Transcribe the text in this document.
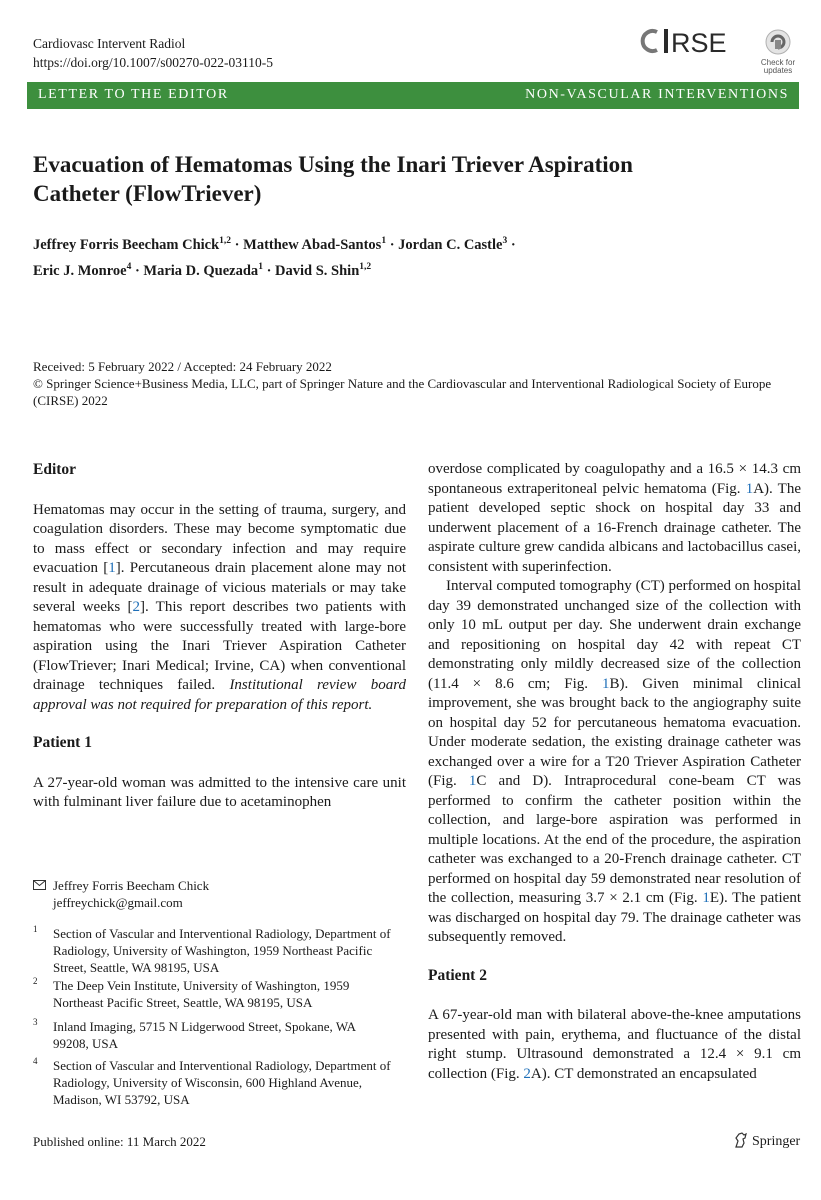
Cardiovasc Intervent Radiol
https://doi.org/10.1007/s00270-022-03110-5
RSE
Check for
updates
LETTER TO THE EDITOR	NON-VASCULAR INTERVENTIONS
Evacuation of Hematomas Using the Inari Triever Aspiration
Catheter (FlowTriever)
Jeffrey Forris Beecham Chick$^{1,2}$ · Matthew Abad-Santos$^1$ · Jordan C. Castle$^3$ ·
Eric J. Monroe$^4$ · Maria D. Quezada$^1$ · David S. Shin$^{1,2}$
Received: 5 February 2022 / Accepted: 24 February 2022
© Springer Science+Business Media, LLC, part of Springer Nature and the Cardiovascular and Interventional Radiological Society of Europe (CIRSE) 2022
Editor

Hematomas may occur in the setting of trauma, surgery, and coagulation disorders. These may become symptomatic due to mass effect or secondary infection and may require evacuation [1]. Percutaneous drain placement alone may not result in adequate drainage of vicious materials or may take several weeks [2]. This report describes two patients with hematomas who were successfully treated with large-bore aspiration using the Inari Triever Aspiration Catheter (FlowTriever; Inari Medical; Irvine, CA) when conventional drainage techniques failed. Institutional review board approval was not required for preparation of this report.

Patient 1

A 27-year-old woman was admitted to the intensive care unit with fulminant liver failure due to acetaminophen

Jeffrey Forris Beecham Chick
jeffreychick@gmail.com
1 Section of Vascular and Interventional Radiology, Department of Radiology, University of Washington, 1959 Northeast Pacific Street, Seattle, WA 98195, USA
2 The Deep Vein Institute, University of Washington, 1959 Northeast Pacific Street, Seattle, WA 98195, USA
3 Inland Imaging, 5715 N Lidgerwood Street, Spokane, WA 99208, USA
4 Section of Vascular and Interventional Radiology, Department of Radiology, University of Wisconsin, 600 Highland Avenue, Madison, WI 53792, USA

overdose complicated by coagulopathy and a 16.5 × 14.3 cm spontaneous extraperitoneal pelvic hematoma (Fig. 1A). The patient developed septic shock on hospital day 33 and underwent placement of a 16-French drainage catheter. The aspirate culture grew candida albicans and lactobacillus casei, consistent with superinfection.

Interval computed tomography (CT) performed on hospital day 39 demonstrated unchanged size of the collection with only 10 mL output per day. She underwent drain exchange and repositioning on hospital day 42 with repeat CT demonstrating only mildly decreased size of the collection (11.4 × 8.6 cm; Fig. 1B). Given minimal clinical improvement, she was brought back to the angiography suite on hospital day 52 for percutaneous hematoma evacuation. Under moderate sedation, the existing drainage catheter was exchanged over a wire for a T20 Triever Aspiration Catheter (Fig. 1C and D). Intraprocedural cone-beam CT was performed to confirm the catheter position within the collection, and large-bore aspiration was performed in multiple locations. At the end of the procedure, the aspiration catheter was exchanged to a 20-French drainage catheter. CT performed on hospital day 59 demonstrated near resolution of the collection, measuring 3.7 × 2.1 cm (Fig. 1E). The patient was discharged on hospital day 79. The drainage catheter was subsequently removed.

Patient 2

A 67-year-old man with bilateral above-the-knee amputations presented with pain, erythema, and fluctuance of the distal right stump. Ultrasound demonstrated a 12.4 × 9.1 cm collection (Fig. 2A). CT demonstrated an encapsulated

Published online: 11 March 2022	Springer
